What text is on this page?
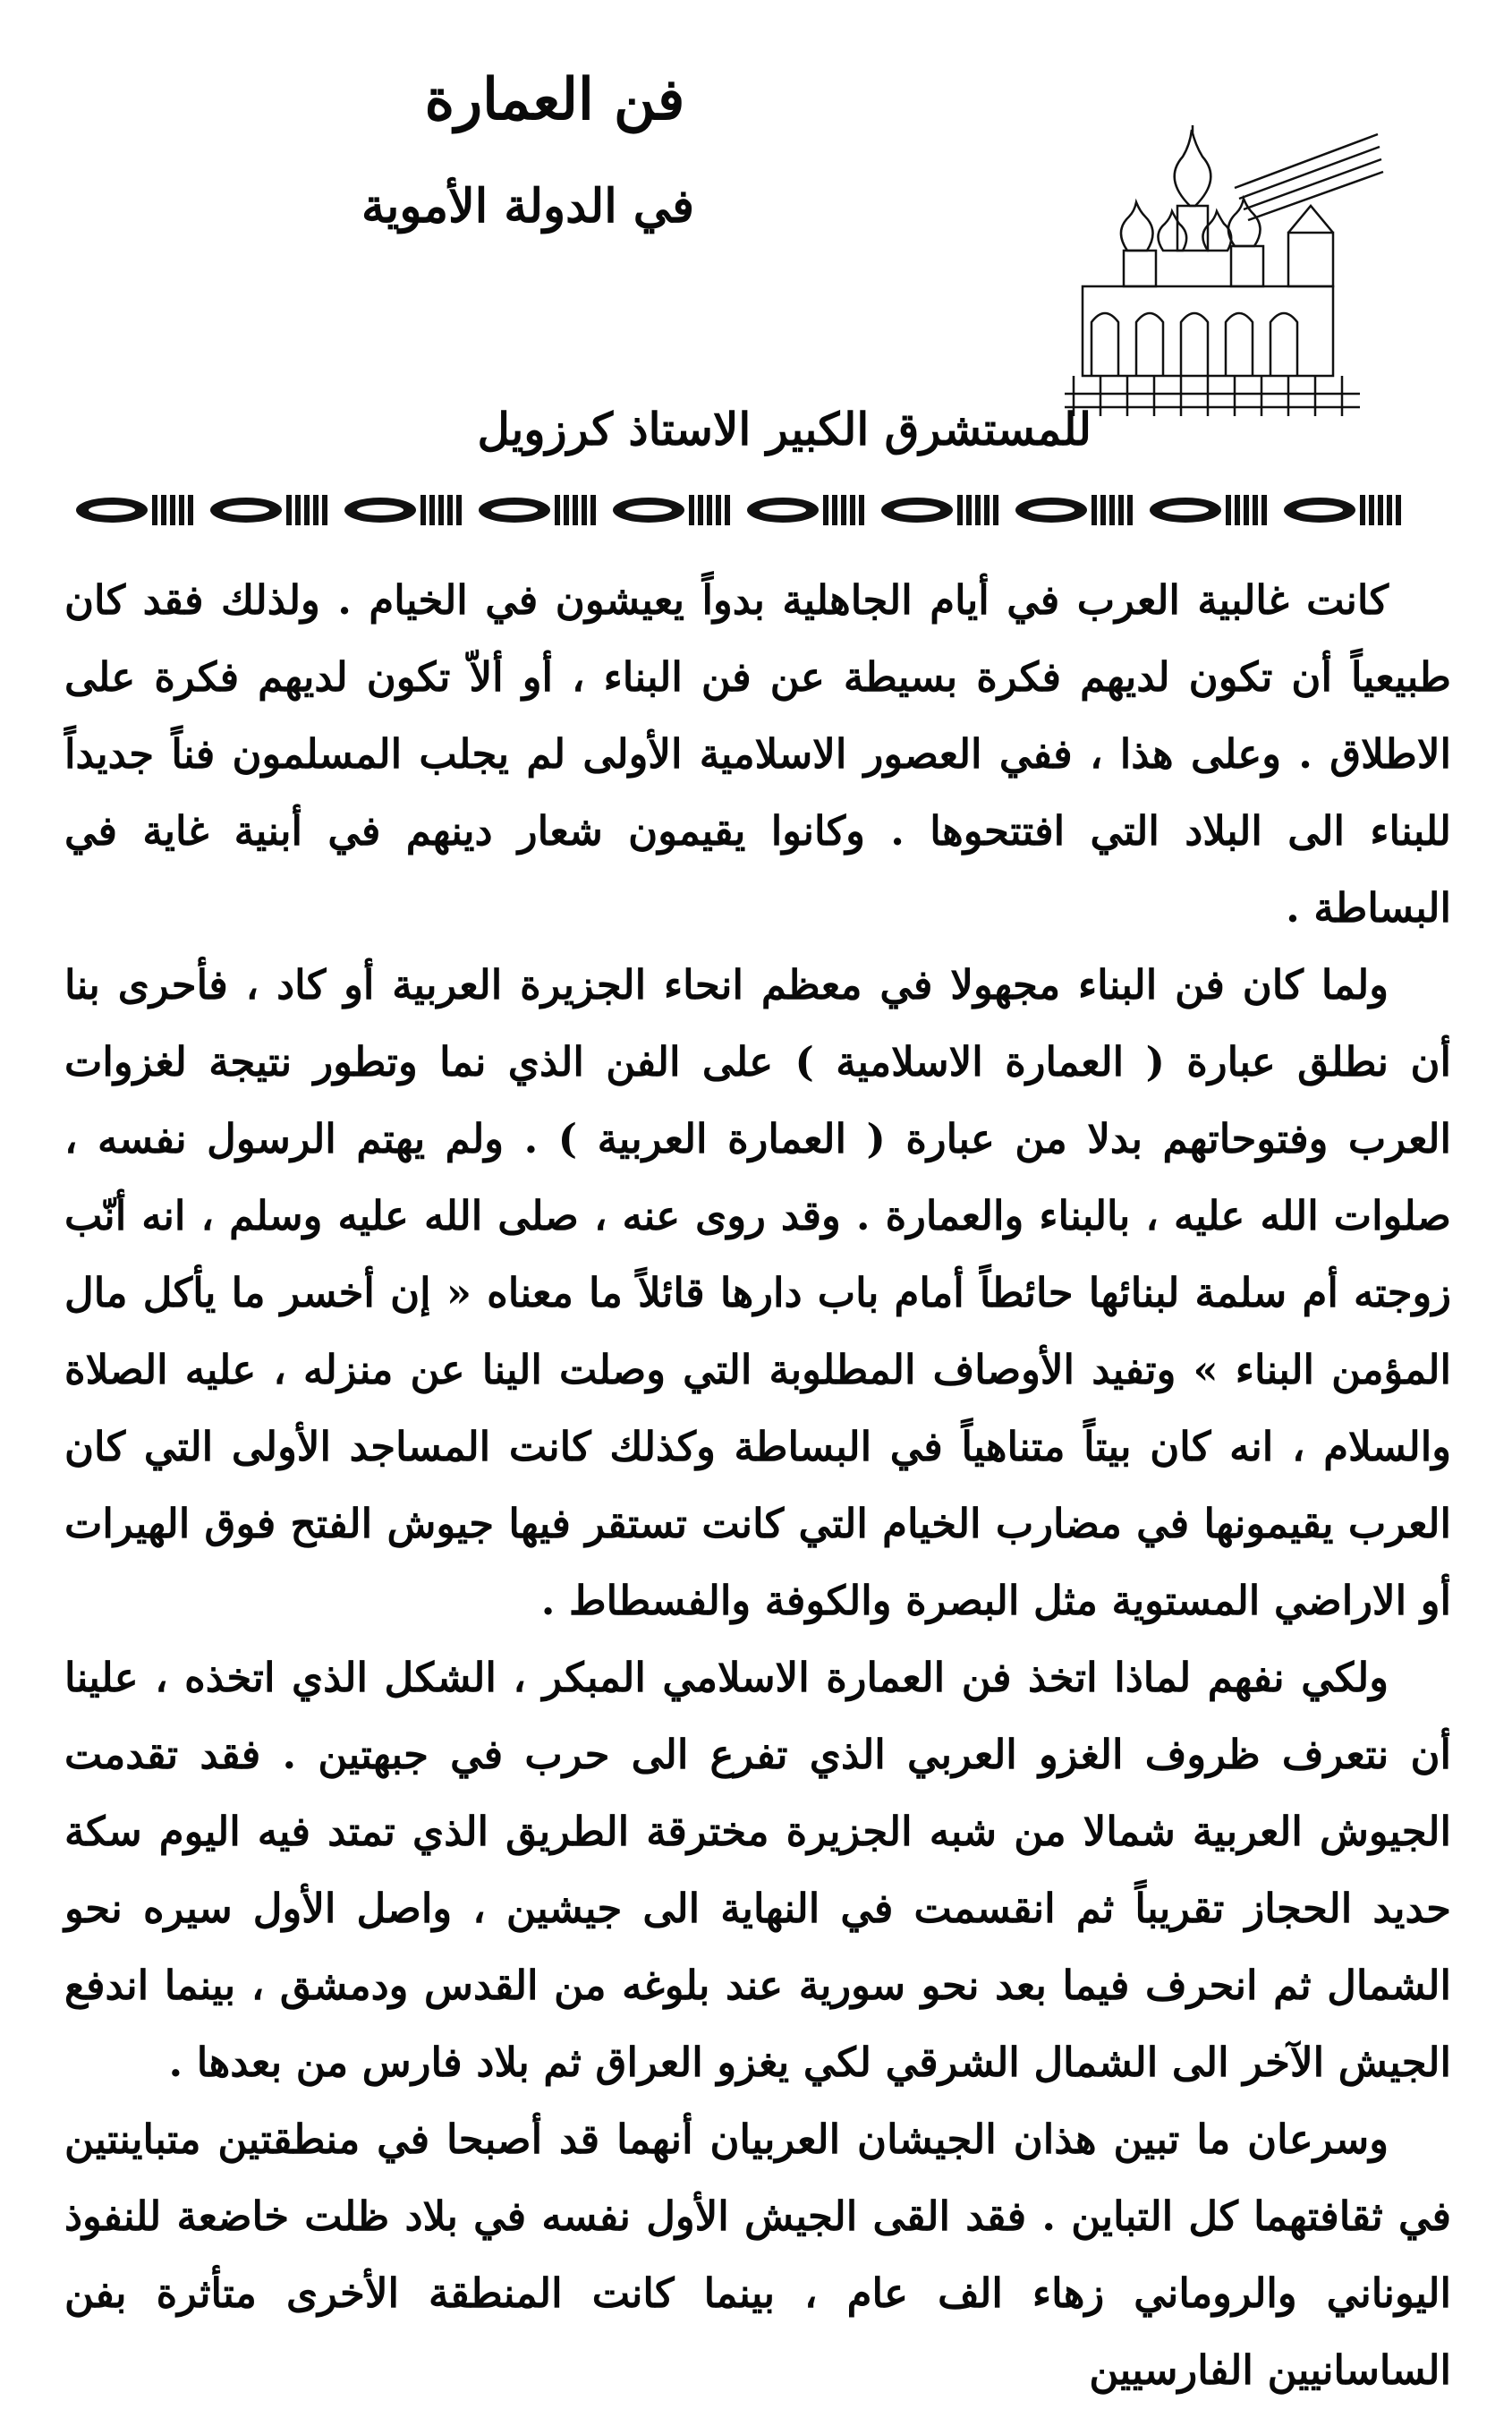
فن العمارة
في الدولة الأموية
للمستشرق الكبير الاستاذ كرزويل

كانت غالبية العرب في أيام الجاهلية بدواً يعيشون في الخيام . ولذلك فقد كان طبيعياً أن تكون لديهم فكرة بسيطة عن فن البناء ، أو ألاّ تكون لديهم فكرة على الاطلاق . وعلى هذا ، ففي العصور الاسلامية الأولى لم يجلب المسلمون فناً جديداً للبناء الى البلاد التي افتتحوها . وكانوا يقيمون شعار دينهم في أبنية غاية في البساطة .

ولما كان فن البناء مجهولا في معظم انحاء الجزيرة العربية أو كاد ، فأحرى بنا أن نطلق عبارة ( العمارة الاسلامية ) على الفن الذي نما وتطور نتيجة لغزوات العرب وفتوحاتهم بدلا من عبارة ( العمارة العربية ) . ولم يهتم الرسول نفسه ، صلوات الله عليه ، بالبناء والعمارة . وقد روى عنه ، صلى الله عليه وسلم ، انه أنّب زوجته أم سلمة لبنائها حائطاً أمام باب دارها قائلاً ما معناه « إن أخسر ما يأكل مال المؤمن البناء » وتفيد الأوصاف المطلوبة التي وصلت الينا عن منزله ، عليه الصلاة والسلام ، انه كان بيتاً متناهياً في البساطة وكذلك كانت المساجد الأولى التي كان العرب يقيمونها في مضارب الخيام التي كانت تستقر فيها جيوش الفتح فوق الهيرات أو الاراضي المستوية مثل البصرة والكوفة والفسطاط .

ولكي نفهم لماذا اتخذ فن العمارة الاسلامي المبكر ، الشكل الذي اتخذه ، علينا أن نتعرف ظروف الغزو العربي الذي تفرع الى حرب في جبهتين . فقد تقدمت الجيوش العربية شمالا من شبه الجزيرة مخترقة الطريق الذي تمتد فيه اليوم سكة حديد الحجاز تقريباً ثم انقسمت في النهاية الى جيشين ، واصل الأول سيره نحو الشمال ثم انحرف فيما بعد نحو سورية عند بلوغه من القدس ودمشق ، بينما اندفع الجيش الآخر الى الشمال الشرقي لكي يغزو العراق ثم بلاد فارس من بعدها .

وسرعان ما تبين هذان الجيشان العربيان أنهما قد أصبحا في منطقتين متباينتين في ثقافتهما كل التباين . فقد القى الجيش الأول نفسه في بلاد ظلت خاضعة للنفوذ اليوناني والروماني زهاء الف عام ، بينما كانت المنطقة الأخرى متأثرة بفن الساسانيين الفارسيين
